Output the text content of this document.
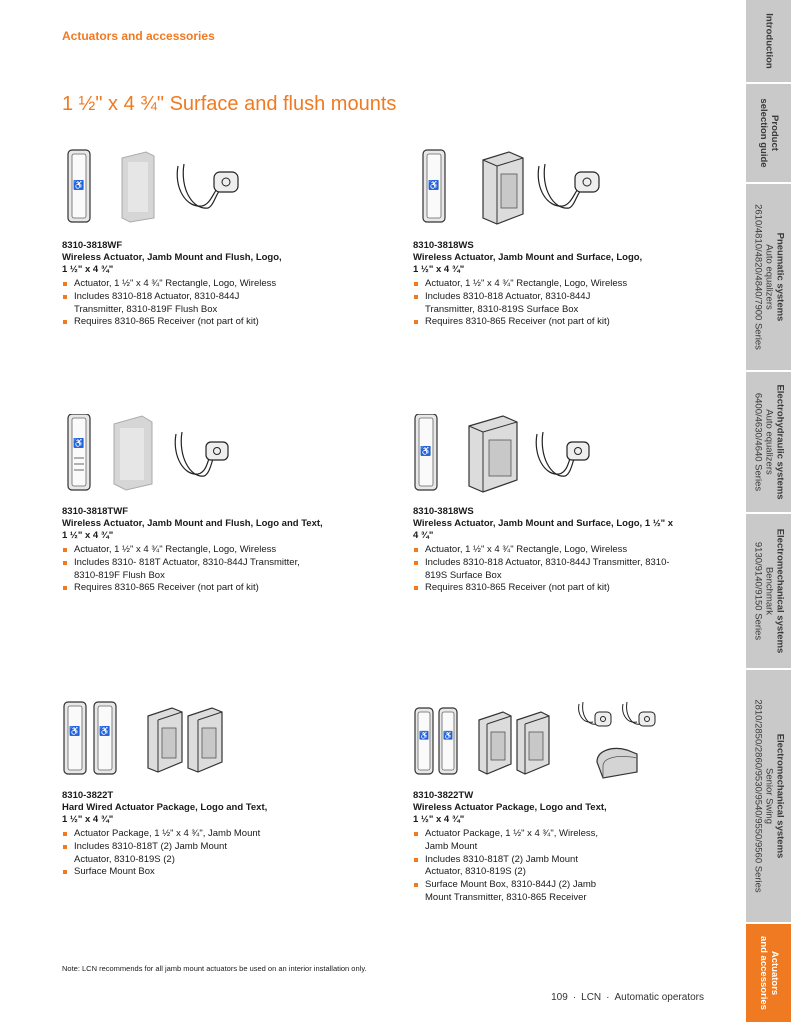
Actuators and accessories
1 ½" x 4 ¾" Surface and flush mounts
♿
8310-3818WF
Wireless Actuator, Jamb Mount and Flush, Logo,
1 ½" x 4 ¾"
Actuator, 1 ½" x 4 ¾" Rectangle, Logo, Wireless
Includes 8310-818 Actuator, 8310-844J
Transmitter, 8310-819F Flush Box
Requires 8310-865 Receiver (not part of kit)
♿
8310-3818WS
Wireless Actuator, Jamb Mount and Surface, Logo,
1 ½" x 4 ¾"
Actuator, 1 ½" x 4 ¾" Rectangle, Logo, Wireless
Includes 8310-818 Actuator, 8310-844J
Transmitter, 8310-819S Surface Box
Requires 8310-865 Receiver (not part of kit)
♿
8310-3818TWF
Wireless Actuator, Jamb Mount and Flush, Logo and Text,
1 ½" x 4 ¾"
Actuator, 1 ½" x 4 ¾" Rectangle, Logo, Wireless
Includes 8310- 818T Actuator, 8310-844J Transmitter,
8310-819F Flush Box
Requires 8310-865 Receiver (not part of kit)
♿
8310-3818WS
Wireless Actuator, Jamb Mount and Surface, Logo, 1 ½" x
4 ¾"
Actuator, 1 ½" x 4 ¾" Rectangle, Logo, Wireless
Includes 8310-818 Actuator, 8310-844J Transmitter, 8310-
819S Surface Box
Requires 8310-865 Receiver (not part of kit)
♿ ♿
8310-3822T
Hard Wired Actuator Package, Logo and Text,
1 ½" x 4 ¾"
Actuator Package, 1 ½" x 4 ¾", Jamb Mount
Includes 8310-818T (2) Jamb Mount
Actuator, 8310-819S (2)
Surface Mount Box
♿ ♿
8310-3822TW
Wireless Actuator Package, Logo and Text,
1 ½" x 4 ¾"
Actuator Package, 1 ½" x 4 ¾", Wireless,
Jamb Mount
Includes 8310-818T (2) Jamb Mount
Actuator, 8310-819S (2)
Surface Mount Box, 8310-844J (2) Jamb
Mount Transmitter, 8310-865 Receiver
Note: LCN recommends for all jamb mount actuators be used on an interior installation only.
109 · LCN · Automatic operators
Introduction
Product
selection guide
Pneumatic systems
Auto equalizers
2610/4810/4820/4840/7900 Series
Electrohydraulic systems
Auto equalizers
6400/4630/4640 Series
Electromechanical systems
Benchmark
9130/9140/9150 Series
Electromechanical systems
Senior Swing
2810/2850/2860/9530/9540/9550/9560 Series
Actuators
and accessories
